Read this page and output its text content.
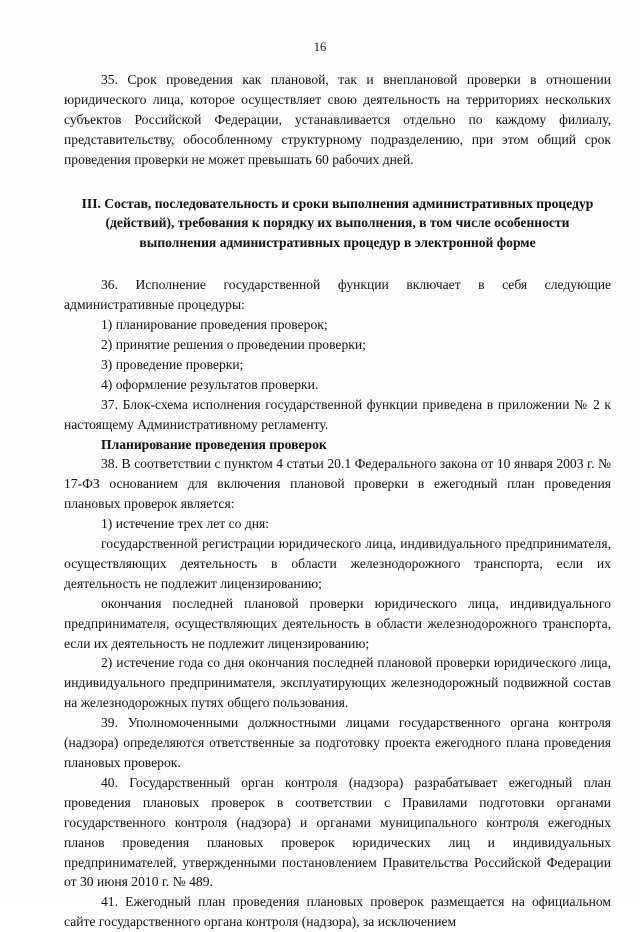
16

35. Срок проведения как плановой, так и внеплановой проверки в отношении юридического лица, которое осуществляет свою деятельность на территориях нескольких субъектов Российской Федерации, устанавливается отдельно по каждому филиалу, представительству, обособленному структурному подразделению, при этом общий срок проведения проверки не может превышать 60 рабочих дней.

III. Состав, последовательность и сроки выполнения административных процедур (действий), требования к порядку их выполнения, в том числе особенности выполнения административных процедур в электронной форме

36. Исполнение государственной функции включает в себя следующие административные процедуры:

1) планирование проведения проверок;

2) принятие решения о проведении проверки;

3) проведение проверки;

4) оформление результатов проверки.

37. Блок-схема исполнения государственной функции приведена в приложении № 2 к настоящему Административному регламенту.

Планирование проведения проверок

38. В соответствии с пунктом 4 статьи 20.1 Федерального закона от 10 января 2003 г. № 17-ФЗ основанием для включения плановой проверки в ежегодный план проведения плановых проверок является:

1) истечение трех лет со дня:

государственной регистрации юридического лица, индивидуального предпринимателя, осуществляющих деятельность в области железнодорожного транспорта, если их деятельность не подлежит лицензированию;

окончания последней плановой проверки юридического лица, индивидуального предпринимателя, осуществляющих деятельность в области железнодорожного транспорта, если их деятельность не подлежит лицензированию;

2) истечение года со дня окончания последней плановой проверки юридического лица, индивидуального предпринимателя, эксплуатирующих железнодорожный подвижной состав на железнодорожных путях общего пользования.

39. Уполномоченными должностными лицами государственного органа контроля (надзора) определяются ответственные за подготовку проекта ежегодного плана проведения плановых проверок.

40. Государственный орган контроля (надзора) разрабатывает ежегодный план проведения плановых проверок в соответствии с Правилами подготовки органами государственного контроля (надзора) и органами муниципального контроля ежегодных планов проведения плановых проверок юридических лиц и индивидуальных предпринимателей, утвержденными постановлением Правительства Российской Федерации от 30 июня 2010 г. № 489.

41. Ежегодный план проведения плановых проверок размещается на официальном сайте государственного органа контроля (надзора), за исключением
